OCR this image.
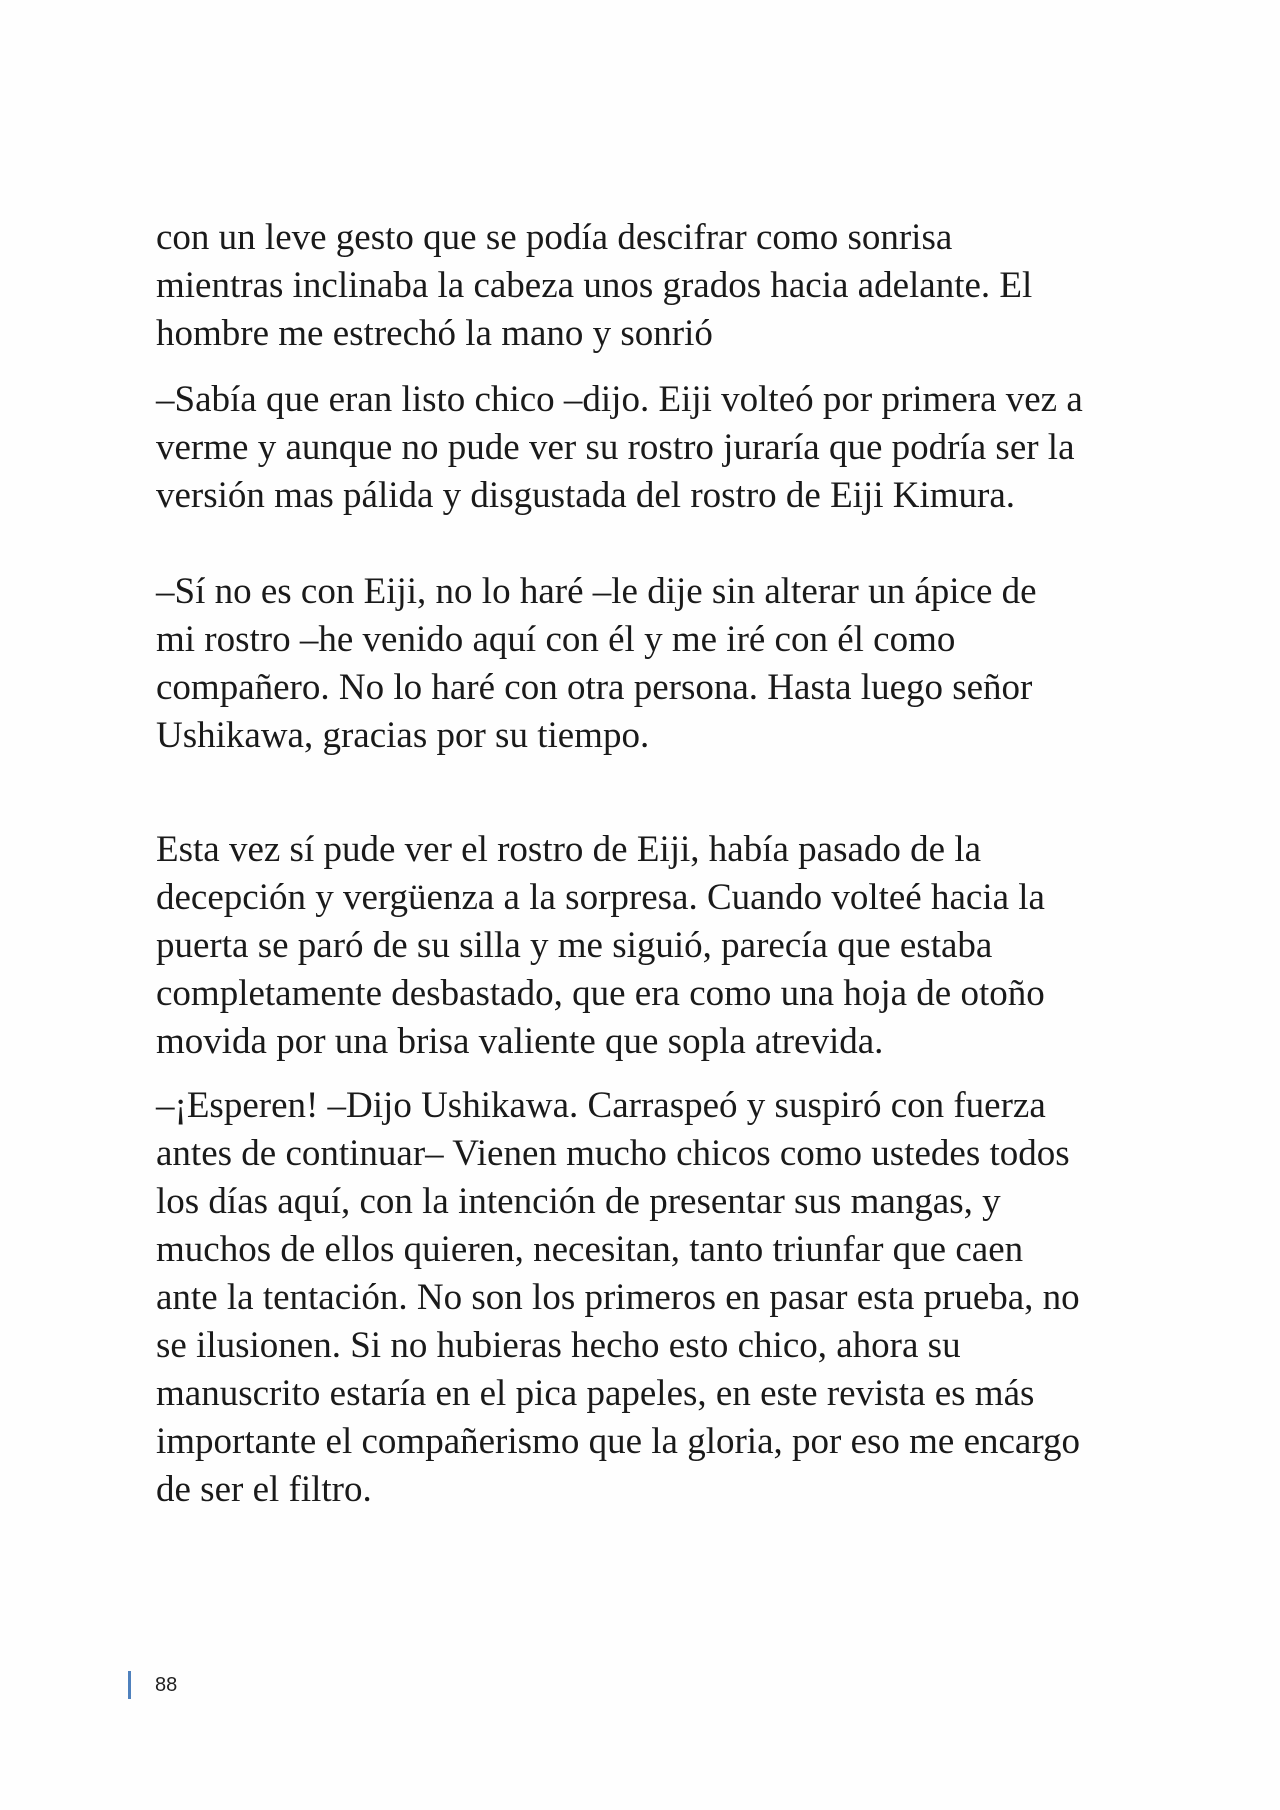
con un leve gesto que se podía descifrar como sonrisa
mientras inclinaba la cabeza unos grados hacia adelante. El
hombre me estrechó la mano y sonrió
–Sabía que eran listo chico –dijo. Eiji volteó por primera vez a
verme y aunque no pude ver su rostro juraría que podría ser la
versión mas pálida y disgustada del rostro de Eiji Kimura.
–Sí no es con Eiji, no lo haré –le dije sin alterar un ápice de
mi rostro –he venido aquí con él y me iré con él como
compañero. No lo haré con otra persona. Hasta luego señor
Ushikawa, gracias por su tiempo.
Esta vez sí pude ver el rostro de Eiji, había pasado de la
decepción y vergüenza a la sorpresa. Cuando volteé hacia la
puerta se paró de su silla y me siguió, parecía que estaba
completamente desbastado, que era como una hoja de otoño
movida por una brisa valiente que sopla atrevida.
–¡Esperen! –Dijo Ushikawa. Carraspeó y suspiró con fuerza
antes de continuar– Vienen mucho chicos como ustedes todos
los días aquí, con la intención de presentar sus mangas, y
muchos de ellos quieren, necesitan, tanto triunfar que caen
ante la tentación. No son los primeros en pasar esta prueba, no
se ilusionen. Si no hubieras hecho esto chico, ahora su
manuscrito estaría en el pica papeles, en este revista es más
importante el compañerismo que la gloria, por eso me encargo
de ser el filtro.
88
